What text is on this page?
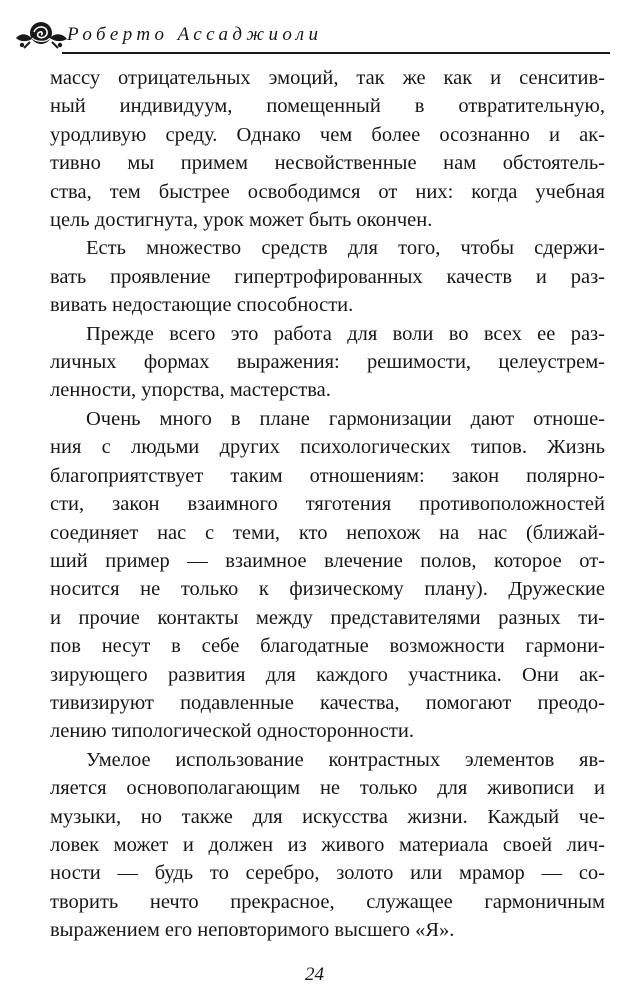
Роберто Ассаджиоли

массу отрицательных эмоций, так же как и сенситив-
ный индивидуум, помещенный в отвратительную,
уродливую среду. Однако чем более осознанно и ак-
тивно мы примем несвойственные нам обстоятель-
ства, тем быстрее освободимся от них: когда учебная
цель достигнута, урок может быть окончен.

Есть множество средств для того, чтобы сдержи-
вать проявление гипертрофированных качеств и раз-
вивать недостающие способности.

Прежде всего это работа для воли во всех ее раз-
личных формах выражения: решимости, целеустрем-
ленности, упорства, мастерства.

Очень много в плане гармонизации дают отноше-
ния с людьми других психологических типов. Жизнь
благоприятствует таким отношениям: закон полярно-
сти, закон взаимного тяготения противоположностей
соединяет нас с теми, кто непохож на нас (ближай-
ший пример — взаимное влечение полов, которое от-
носится не только к физическому плану). Дружеские
и прочие контакты между представителями разных ти-
пов несут в себе благодатные возможности гармони-
зирующего развития для каждого участника. Они ак-
тивизируют подавленные качества, помогают преодо-
лению типологической односторонности.

Умелое использование контрастных элементов яв-
ляется основополагающим не только для живописи и
музыки, но также для искусства жизни. Каждый че-
ловек может и должен из живого материала своей лич-
ности — будь то серебро, золото или мрамор — со-
творить нечто прекрасное, служащее гармоничным
выражением его неповторимого высшего «Я».

24
